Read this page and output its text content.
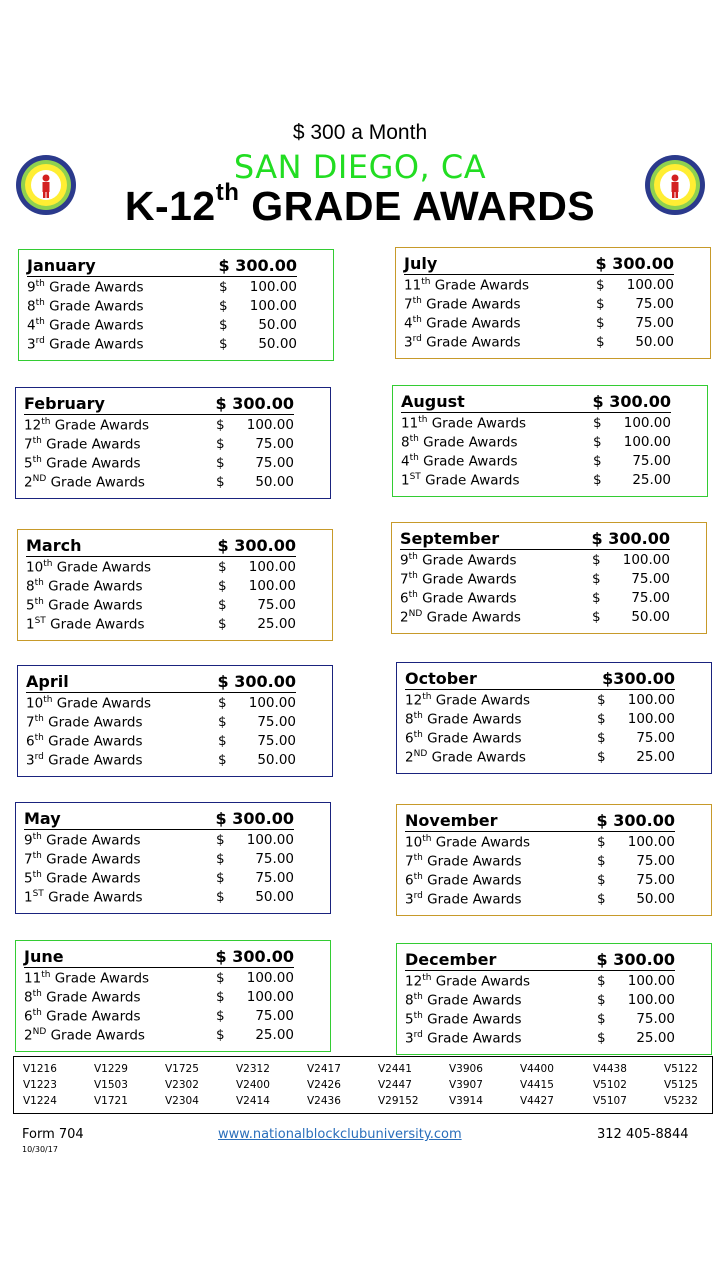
$ 300 a Month
SAN DIEGO, CA
K-12th GRADE AWARDS
January	$ 300.00
9th Grade Awards	$ 100.00
8th Grade Awards	$ 100.00
4th Grade Awards	$ 50.00
3rd Grade Awards	$ 50.00
February	$ 300.00
12th Grade Awards	$ 100.00
7th Grade Awards	$ 75.00
5th Grade Awards	$ 75.00
2ND Grade Awards	$ 50.00
March	$ 300.00
10th Grade Awards	$ 100.00
8th Grade Awards	$ 100.00
5th Grade Awards	$ 75.00
1ST Grade Awards	$ 25.00
April	$ 300.00
10th Grade Awards	$ 100.00
7th Grade Awards	$ 75.00
6th Grade Awards	$ 75.00
3rd Grade Awards	$ 50.00
May	$ 300.00
9th Grade Awards	$ 100.00
7th Grade Awards	$ 75.00
5th Grade Awards	$ 75.00
1ST Grade Awards	$ 50.00
June	$ 300.00
11th Grade Awards	$ 100.00
8th Grade Awards	$ 100.00
6th Grade Awards	$ 75.00
2ND Grade Awards	$ 25.00
July	$ 300.00
11th Grade Awards	$ 100.00
7th Grade Awards	$ 75.00
4th Grade Awards	$ 75.00
3rd Grade Awards	$ 50.00
August	$ 300.00
11th Grade Awards	$ 100.00
8th Grade Awards	$ 100.00
4th Grade Awards	$ 75.00
1ST Grade Awards	$ 25.00
September	$ 300.00
9th Grade Awards	$ 100.00
7th Grade Awards	$ 75.00
6th Grade Awards	$ 75.00
2ND Grade Awards	$ 50.00
October	$300.00
12th Grade Awards	$ 100.00
8th Grade Awards	$ 100.00
6th Grade Awards	$ 75.00
2ND Grade Awards	$ 25.00
November	$ 300.00
10th Grade Awards	$ 100.00
7th Grade Awards	$ 75.00
6th Grade Awards	$ 75.00
3rd Grade Awards	$ 50.00
December	$ 300.00
12th Grade Awards	$ 100.00
8th Grade Awards	$ 100.00
5th Grade Awards	$ 75.00
3rd Grade Awards	$ 25.00
V1216	V1229	V1725	V2312	V2417	V2441	V3906	V4400	V4438	V5122
V1223	V1503	V2302	V2400	V2426	V2447	V3907	V4415	V5102	V5125
V1224	V1721	V2304	V2414	V2436	V29152	V3914	V4427	V5107	V5232
Form 704
10/30/17
www.nationalblockclubuniversity.com	312 405-8844
